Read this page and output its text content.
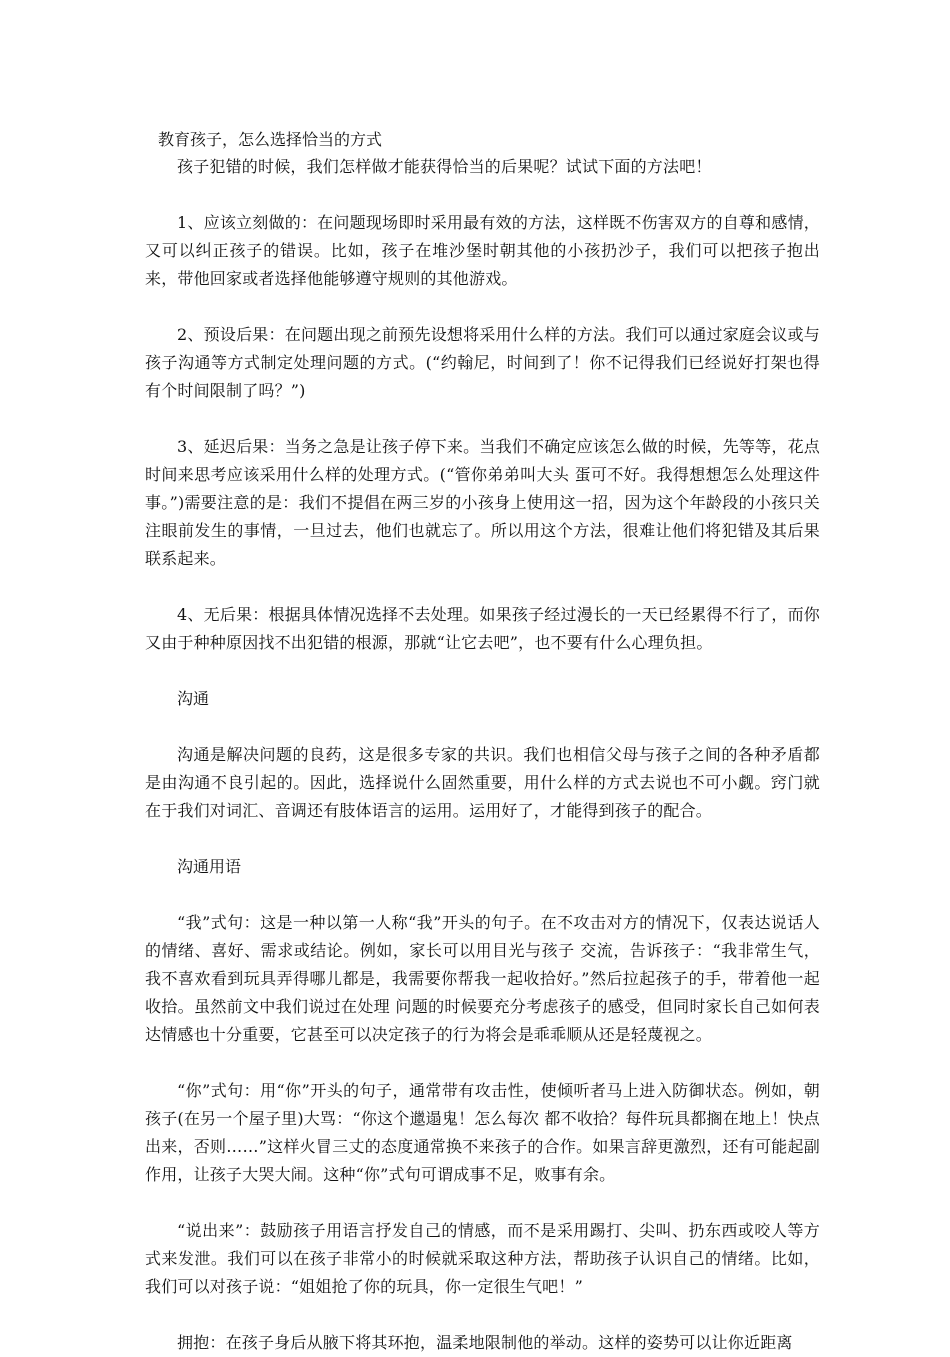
教育孩子，怎么选择恰当的方式

孩子犯错的时候，我们怎样做才能获得恰当的后果呢？试试下面的方法吧！

1、应该立刻做的：在问题现场即时采用最有效的方法，这样既不伤害双方的自尊和感情，又可以纠正孩子的错误。比如，孩子在堆沙堡时朝其他的小孩扔沙子，我们可以把孩子抱出来，带他回家或者选择他能够遵守规则的其他游戏。

2、预设后果：在问题出现之前预先设想将采用什么样的方法。我们可以通过家庭会议或与孩子沟通等方式制定处理问题的方式。(“约翰尼，时间到了！你不记得我们已经说好打架也得有个时间限制了吗？”)

3、延迟后果：当务之急是让孩子停下来。当我们不确定应该怎么做的时候，先等等，花点时间来思考应该采用什么样的处理方式。(“管你弟弟叫大头 蛋可不好。我得想想怎么处理这件事。”)需要注意的是：我们不提倡在两三岁的小孩身上使用这一招，因为这个年龄段的小孩只关注眼前发生的事情，一旦过去，他们也就忘了。所以用这个方法，很难让他们将犯错及其后果联系起来。

4、无后果：根据具体情况选择不去处理。如果孩子经过漫长的一天已经累得不行了，而你又由于种种原因找不出犯错的根源，那就“让它去吧”，也不要有什么心理负担。

沟通

沟通是解决问题的良药，这是很多专家的共识。我们也相信父母与孩子之间的各种矛盾都是由沟通不良引起的。因此，选择说什么固然重要，用什么样的方式去说也不可小觑。窍门就在于我们对词汇、音调还有肢体语言的运用。运用好了，才能得到孩子的配合。

沟通用语

“我”式句：这是一种以第一人称“我”开头的句子。在不攻击对方的情况下，仅表达说话人的情绪、喜好、需求或结论。例如，家长可以用目光与孩子 交流，告诉孩子：“我非常生气，我不喜欢看到玩具弄得哪儿都是，我需要你帮我一起收拾好。”然后拉起孩子的手，带着他一起收拾。虽然前文中我们说过在处理 问题的时候要充分考虑孩子的感受，但同时家长自己如何表达情感也十分重要，它甚至可以决定孩子的行为将会是乖乖顺从还是轻蔑视之。

“你”式句：用“你”开头的句子，通常带有攻击性，使倾听者马上进入防御状态。例如，朝孩子(在另一个屋子里)大骂：“你这个邋遢鬼！怎么每次 都不收拾？每件玩具都搁在地上！快点出来，否则……”这样火冒三丈的态度通常换不来孩子的合作。如果言辞更激烈，还有可能起副作用，让孩子大哭大闹。这种“你”式句可谓成事不足，败事有余。

“说出来”：鼓励孩子用语言抒发自己的情感，而不是采用踢打、尖叫、扔东西或咬人等方式来发泄。我们可以在孩子非常小的时候就采取这种方法，帮助孩子认识自己的情绪。比如，我们可以对孩子说：“姐姐抢了你的玩具，你一定很生气吧！”

拥抱：在孩子身后从腋下将其环抱，温柔地限制他的举动。这样的姿势可以让你近距离
